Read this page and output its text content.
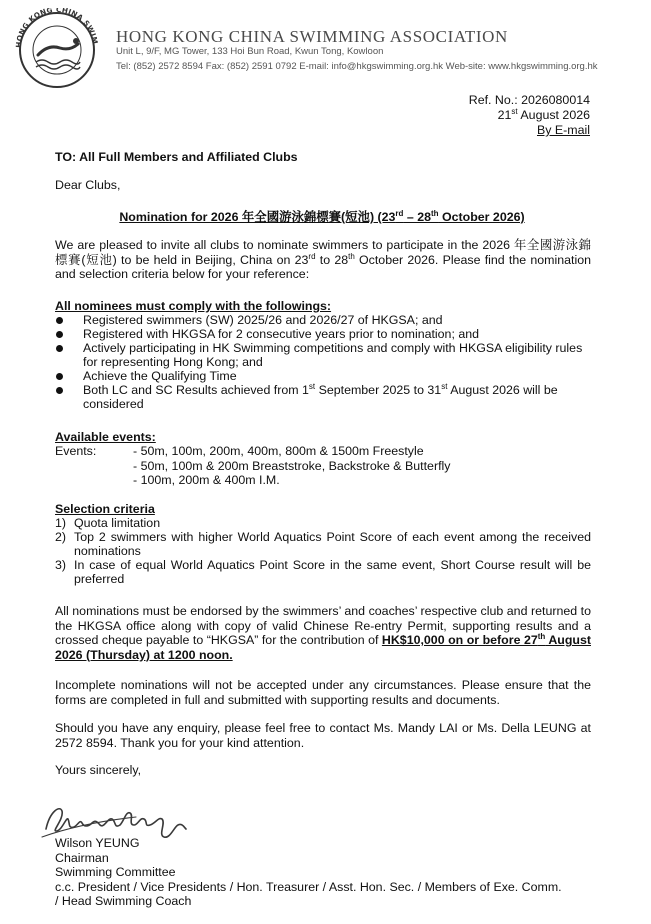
HONG KONG CHINA SWIM HONG KONG CHINA SWIMMING ASSOCIATION
Unit L, 9/F, MG Tower, 133 Hoi Bun Road, Kwun Tong, Kowloon
Tel: (852) 2572 8594 Fax: (852) 2591 0792 E-mail: info@hkgswimming.org.hk Web-site: www.hkgswimming.org.hk
Ref. No.: 2026080014
21st August 2026
By E-mail
TO: All Full Members and Affiliated Clubs
Dear Clubs,
Nomination for 2026 年全國游泳錦標賽(短池) (23rd – 28th October 2026)
We are pleased to invite all clubs to nominate swimmers to participate in the 2026 年全國游泳錦標賽(短池) to be held in Beijing, China on 23rd to 28th October 2026. Please find the nomination and selection criteria below for your reference:
All nominees must comply with the followings:
Registered swimmers (SW) 2025/26 and 2026/27 of HKGSA; and
Registered with HKGSA for 2 consecutive years prior to nomination; and
Actively participating in HK Swimming competitions and comply with HKGSA eligibility rules for representing Hong Kong; and
Achieve the Qualifying Time
Both LC and SC Results achieved from 1st September 2025 to 31st August 2026 will be considered
Available events:
Events:	- 50m, 100m, 200m, 400m, 800m & 1500m Freestyle
- 50m, 100m & 200m Breaststroke, Backstroke & Butterfly
- 100m, 200m & 400m I.M.
Selection criteria
1) Quota limitation
2) Top 2 swimmers with higher World Aquatics Point Score of each event among the received nominations
3) In case of equal World Aquatics Point Score in the same event, Short Course result will be preferred
All nominations must be endorsed by the swimmers’ and coaches’ respective club and returned to the HKGSA office along with copy of valid Chinese Re-entry Permit, supporting results and a crossed cheque payable to “HKGSA” for the contribution of HK$10,000 on or before 27th August 2026 (Thursday) at 1200 noon.
Incomplete nominations will not be accepted under any circumstances. Please ensure that the forms are completed in full and submitted with supporting results and documents.
Should you have any enquiry, please feel free to contact Ms. Mandy LAI or Ms. Della LEUNG at 2572 8594. Thank you for your kind attention.
Yours sincerely,
Wilson YEUNG
Chairman
Swimming Committee
c.c. President / Vice Presidents / Hon. Treasurer / Asst. Hon. Sec. / Members of Exe. Comm.
/ Head Swimming Coach
